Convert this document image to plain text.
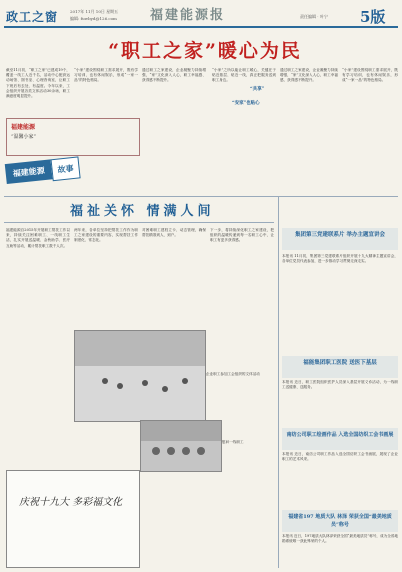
政工之窗	2017年 11月 10日 星期五
编辑: fuwbyd@126.com	福建能源报	责任编辑 · 叶宁 5版
“职工之家”暖心为民
截至11月初，“职工之家”已建成19个，覆盖一线工人近千名，活动中心配套运动场馆、图书室、心理咨询室，让职工下班后有去处、有温度。今年以来，工会组织开展各类文体活动30余场，职工满意度明显提升。
“小家”建设围绕职工需求展开，既有学习培训，也有休闲娱乐，形成“一家一品”的特色格局。
通过职工之家建设，企业凝聚力持续增强，“家”文化深入人心，职工幸福感、获得感不断提升。
福建能源
“温馨小家”
“共享”
“小家”之所以能让职工暖心，关键在于贴近基层、贴近一线，真正把服务送到职工身边。
“安家”也贴心
通过职工之家建设，企业凝聚力持续增强，“家”文化深入人心，职工幸福感、获得感不断提升。
“小家”建设围绕职工需求展开，既有学习培训，也有休闲娱乐，形成“一家一品”的特色格局。
福建能源	故事
福祉关怀 情满人间
福建能源自2015年开展职工帮扶工作以来，持续关注困难职工、一线职工生活，扎实开展送温暖、金秋助学、医疗互助等活动，累计帮扶职工数千人次。
两年来，各单位坚持把帮扶工作作为职工之家建设的重要内容，实现帮扶工作制度化、常态化。
对困难职工建档立卡、动态管理，确保帮扶精准到人、到户。
下一步，将持续深化职工之家建设，把组织的温暖传递到每一名职工心中，让职工有更多获得感。
企业职工参加工会组织的文体活动
慰问一线职工
庆祝十九大 多彩福文化
集团第三党建联系片 举办主题宣讲会
本报讯 11月初，集团第三党建联系片组织开展十九大精神主题宣讲会，各单位党员代表参加，进一步推动学习贯彻走深走实。
福能集团职工医院 送医下基层
本报讯 近日，职工医院组织医护人员深入基层开展义诊活动，为一线职工送健康、送服务。
南纺公司职工绘画作品 入选全国纺织工会书画展
本报讯 近日，南纺公司职工作品入选全国纺织工会书画展，展现了企业职工的艺术风采。
福建省197 地质大队 林泽 荣获全国“最美地质员”称号
本报讯 近日，197地质大队林泽荣获全国“最美地质员”称号，成为全省地勘系统唯一获此殊荣的个人。
